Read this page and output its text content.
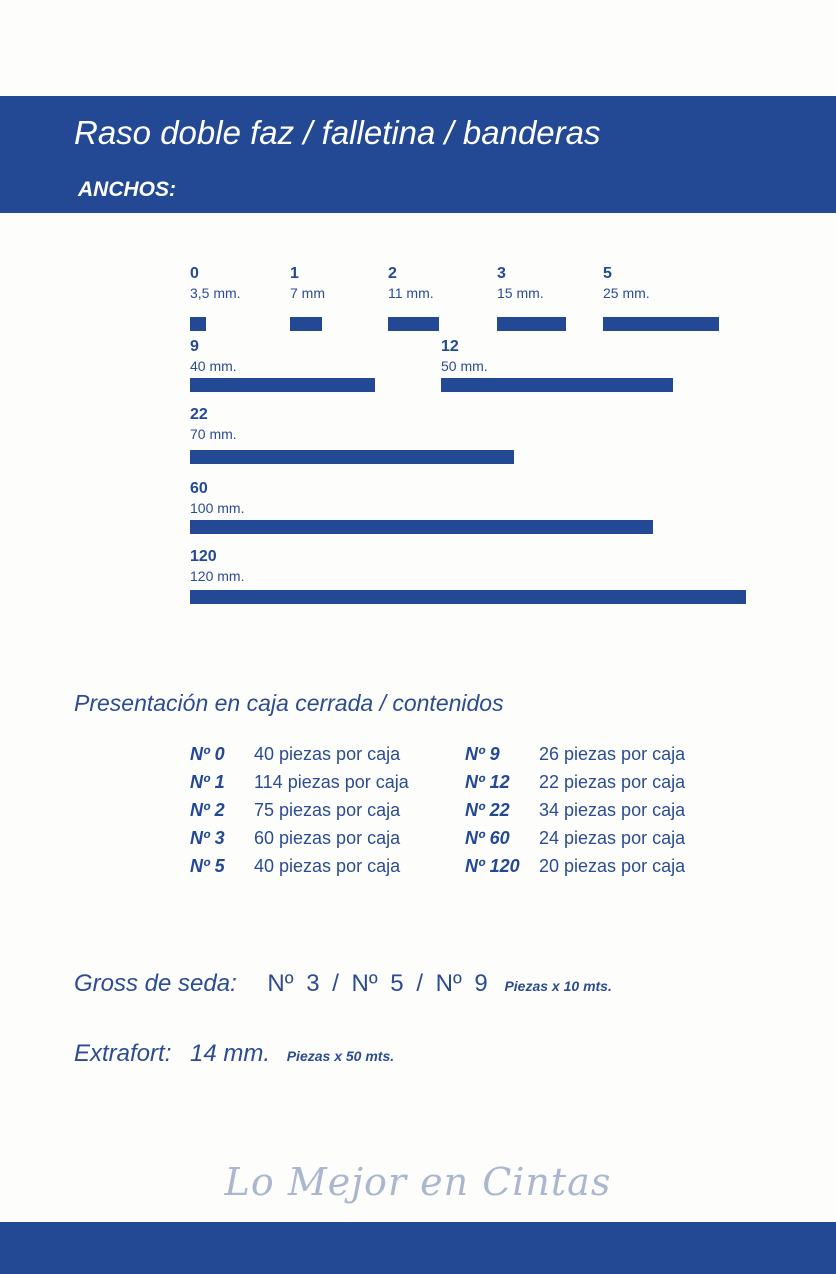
Raso doble faz / falletina / banderas
ANCHOS:
0
3,5 mm.
1
7 mm
2
11 mm.
3
15 mm.
5
25 mm.
9
40 mm.
12
50 mm.
22
70 mm.
60
100 mm.
120
120 mm.
Presentación en caja cerrada / contenidos
Nº 0 40 piezas por caja
Nº 1 114 piezas por caja
Nº 2 75 piezas por caja
Nº 3 60 piezas por caja
Nº 5 40 piezas por caja
Nº 9 26 piezas por caja
Nº 12 22 piezas por caja
Nº 22 34 piezas por caja
Nº 60 24 piezas por caja
Nº 120 20 piezas por caja
Gross de seda: Nº 3 / Nº 5 / Nº 9 Piezas x 10 mts.
Extrafort: 14 mm. Piezas x 50 mts.
Lo Mejor en Cintas
